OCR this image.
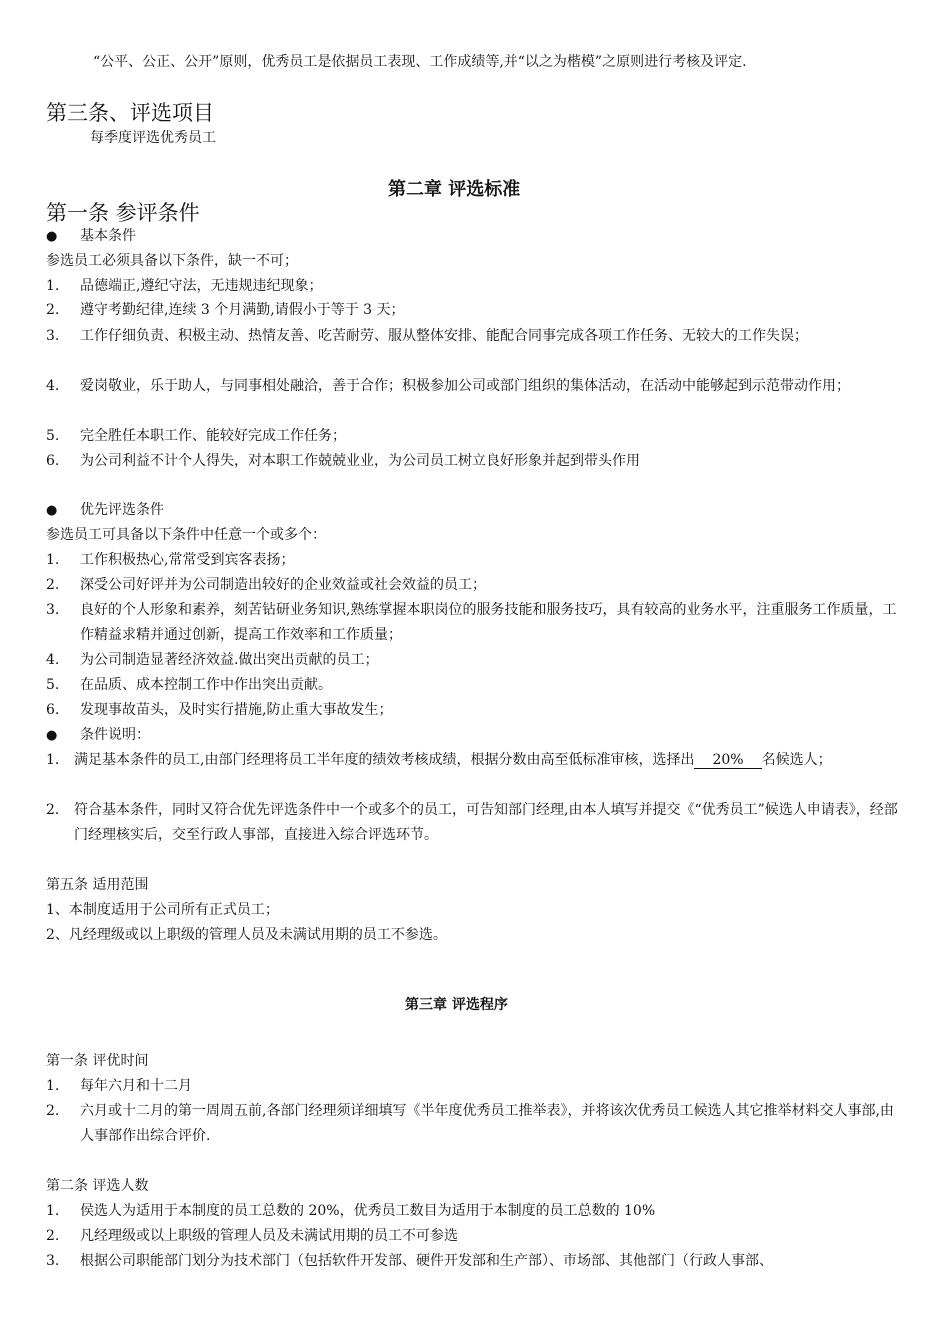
“公平、公正、公开”原则，优秀员工是依据员工表现、工作成绩等,并“以之为楷模”之原则进行考核及评定.
第三条、评选项目
每季度评选优秀员工
第二章 评选标准
第一条 参评条件
● 基本条件
参选员工必须具备以下条件，缺一不可；
1. 品德端正,遵纪守法，无违规违纪现象；
2. 遵守考勤纪律,连续 3 个月满勤,请假小于等于 3 天；
3. 工作仔细负责、积极主动、热情友善、吃苦耐劳、服从整体安排、能配合同事完成各项工作任务、无较大的工作失误；
4. 爱岗敬业，乐于助人，与同事相处融洽，善于合作；积极参加公司或部门组织的集体活动，在活动中能够起到示范带动作用；
5. 完全胜任本职工作、能较好完成工作任务；
6. 为公司利益不计个人得失，对本职工作兢兢业业，为公司员工树立良好形象并起到带头作用
● 优先评选条件
参选员工可具备以下条件中任意一个或多个：
1. 工作积极热心,常常受到宾客表扬；
2. 深受公司好评并为公司制造出较好的企业效益或社会效益的员工；
3. 良好的个人形象和素养，刻苦钻研业务知识,熟练掌握本职岗位的服务技能和服务技巧，具有较高的业务水平，注重服务工作质量，工作精益求精并通过创新，提高工作效率和工作质量；
4. 为公司制造显著经济效益.做出突出贡献的员工；
5. 在品质、成本控制工作中作出突出贡献。
6. 发现事故苗头，及时实行措施,防止重大事故发生；
● 条件说明：
1． 满足基本条件的员工,由部门经理将员工半年度的绩效考核成绩，根据分数由高至低标准审核，选择出 20% 名候选人；
2． 符合基本条件，同时又符合优先评选条件中一个或多个的员工，可告知部门经理,由本人填写并提交《“优秀员工”候选人申请表》，经部门经理核实后，交至行政人事部，直接进入综合评选环节。
第五条 适用范围
1、本制度适用于公司所有正式员工；
2、凡经理级或以上职级的管理人员及未满试用期的员工不参选。
第三章 评选程序
第一条 评优时间
1. 每年六月和十二月
2. 六月或十二月的第一周周五前,各部门经理须详细填写《半年度优秀员工推举表》，并将该次优秀员工候选人其它推举材料交人事部,由人事部作出综合评价.
第二条 评选人数
1. 侯选人为适用于本制度的员工总数的 20%，优秀员工数目为适用于本制度的员工总数的 10%
2. 凡经理级或以上职级的管理人员及未满试用期的员工不可参选
3. 根据公司职能部门划分为技术部门（包括软件开发部、硬件开发部和生产部）、市场部、其他部门（行政人事部、
